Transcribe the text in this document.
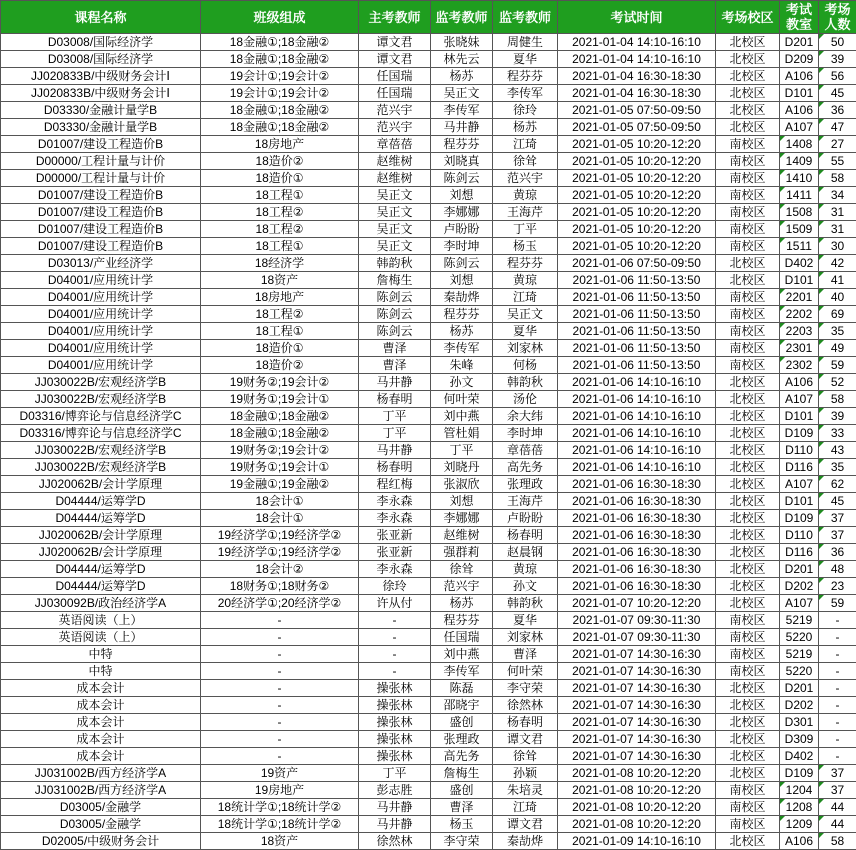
课程名称	班级组成	主考教师	监考教师	监考教师	考试时间	考场校区	考试教室	考场人数
D03008/国际经济学	18金融①;18金融②	谭文君	张晓妹	周健生	2021-01-04 14:10-16:10	北校区	D201	50

D03008/国际经济学	18金融①;18金融②	谭文君	林先云	夏华	2021-01-04 14:10-16:10	北校区	D209	39

JJ020833B/中级财务会计Ⅰ	19会计①;19会计②	任国瑞	杨苏	程芬芬	2021-01-04 16:30-18:30	北校区	A106	56

JJ020833B/中级财务会计Ⅰ	19会计①;19会计②	任国瑞	吴正文	李传军	2021-01-04 16:30-18:30	北校区	D101	45

D03330/金融计量学B	18金融①;18金融②	范兴宇	李传军	徐玲	2021-01-05 07:50-09:50	北校区	A106	36

D03330/金融计量学B	18金融①;18金融②	范兴宇	马井静	杨苏	2021-01-05 07:50-09:50	北校区	A107	47

D01007/建设工程造价B	18房地产	章蓓蓓	程芬芬	江琦	2021-01-05 10:20-12:20	南校区	1408	27

D00000/工程计量与计价	18造价②	赵维树	刘晓真	徐耸	2021-01-05 10:20-12:20	南校区	1409	55

D00000/工程计量与计价	18造价①	赵维树	陈剑云	范兴宇	2021-01-05 10:20-12:20	南校区	1410	58

D01007/建设工程造价B	18工程①	吴正文	刘想	黄琼	2021-01-05 10:20-12:20	南校区	1411	34

D01007/建设工程造价B	18工程②	吴正文	李娜娜	王海芹	2021-01-05 10:20-12:20	南校区	1508	31

D01007/建设工程造价B	18工程②	吴正文	卢盼盼	丁平	2021-01-05 10:20-12:20	南校区	1509	31

D01007/建设工程造价B	18工程①	吴正文	李时坤	杨玉	2021-01-05 10:20-12:20	南校区	1511	30

D03013/产业经济学	18经济学	韩韵秋	陈剑云	程芬芬	2021-01-06 07:50-09:50	北校区	D402	42

D04001/应用统计学	18资产	詹梅生	刘想	黄琼	2021-01-06 11:50-13:50	北校区	D101	41

D04001/应用统计学	18房地产	陈剑云	秦劼烨	江琦	2021-01-06 11:50-13:50	南校区	2201	40

D04001/应用统计学	18工程②	陈剑云	程芬芬	吴正文	2021-01-06 11:50-13:50	南校区	2202	69

D04001/应用统计学	18工程①	陈剑云	杨苏	夏华	2021-01-06 11:50-13:50	南校区	2203	35

D04001/应用统计学	18造价①	曹泽	李传军	刘家林	2021-01-06 11:50-13:50	南校区	2301	49

D04001/应用统计学	18造价②	曹泽	朱峰	何杨	2021-01-06 11:50-13:50	南校区	2302	59

JJ030022B/宏观经济学B	19财务②;19会计②	马井静	孙文	韩韵秋	2021-01-06 14:10-16:10	北校区	A106	52

JJ030022B/宏观经济学B	19财务①;19会计①	杨春明	何叶荣	汤伦	2021-01-06 14:10-16:10	北校区	A107	58

D03316/博弈论与信息经济学C	18金融①;18金融②	丁平	刘中燕	余大纬	2021-01-06 14:10-16:10	北校区	D101	39

D03316/博弈论与信息经济学C	18金融①;18金融②	丁平	管杜娟	李时坤	2021-01-06 14:10-16:10	北校区	D109	33

JJ030022B/宏观经济学B	19财务②;19会计②	马井静	丁平	章蓓蓓	2021-01-06 14:10-16:10	北校区	D110	43

JJ030022B/宏观经济学B	19财务①;19会计①	杨春明	刘晓丹	高先务	2021-01-06 14:10-16:10	北校区	D116	35

JJ020062B/会计学原理	19金融①;19金融②	程红梅	张淑欣	张理政	2021-01-06 16:30-18:30	北校区	A107	62

D04444/运筹学D	18会计①	李永森	刘想	王海芹	2021-01-06 16:30-18:30	北校区	D101	45

D04444/运筹学D	18会计①	李永森	李娜娜	卢盼盼	2021-01-06 16:30-18:30	北校区	D109	37

JJ020062B/会计学原理	19经济学①;19经济学②	张亚新	赵维树	杨春明	2021-01-06 16:30-18:30	北校区	D110	37

JJ020062B/会计学原理	19经济学①;19经济学②	张亚新	强群莉	赵晨钢	2021-01-06 16:30-18:30	北校区	D116	36

D04444/运筹学D	18会计②	李永森	徐耸	黄琼	2021-01-06 16:30-18:30	北校区	D201	48

D04444/运筹学D	18财务①;18财务②	徐玲	范兴宇	孙文	2021-01-06 16:30-18:30	北校区	D202	23

JJ030092B/政治经济学A	20经济学①;20经济学②	许从付	杨苏	韩韵秋	2021-01-07 10:20-12:20	北校区	A107	59

英语阅读（上）	-	-	程芬芬	夏华	2021-01-07 09:30-11:30	南校区	5219	-
英语阅读（上）	-	-	任国瑞	刘家林	2021-01-07 09:30-11:30	南校区	5220	-
中特	-	-	刘中燕	曹泽	2021-01-07 14:30-16:30	南校区	5219	-
中特	-	-	李传军	何叶荣	2021-01-07 14:30-16:30	南校区	5220	-
成本会计	-	操张林	陈磊	李守荣	2021-01-07 14:30-16:30	北校区	D201	-
成本会计	-	操张林	邵晓宇	徐然林	2021-01-07 14:30-16:30	北校区	D202	-
成本会计	-	操张林	盛创	杨春明	2021-01-07 14:30-16:30	北校区	D301	-
成本会计	-	操张林	张理政	谭文君	2021-01-07 14:30-16:30	北校区	D309	-
成本会计	-	操张林	高先务	徐耸	2021-01-07 14:30-16:30	北校区	D402	-
JJ031002B/西方经济学A	19资产	丁平	詹梅生	孙颖	2021-01-08 10:20-12:20	北校区	D109	37

JJ031002B/西方经济学A	19房地产	彭志胜	盛创	朱培灵	2021-01-08 10:20-12:20	南校区	1204	37

D03005/金融学	18统计学①;18统计学②	马井静	曹泽	江琦	2021-01-08 10:20-12:20	南校区	1208	44

D03005/金融学	18统计学①;18统计学②	马井静	杨玉	谭文君	2021-01-08 10:20-12:20	南校区	1209	44

D02005/中级财务会计	18资产	徐然林	李守荣	秦劼烨	2021-01-09 14:10-16:10	北校区	A106	58
